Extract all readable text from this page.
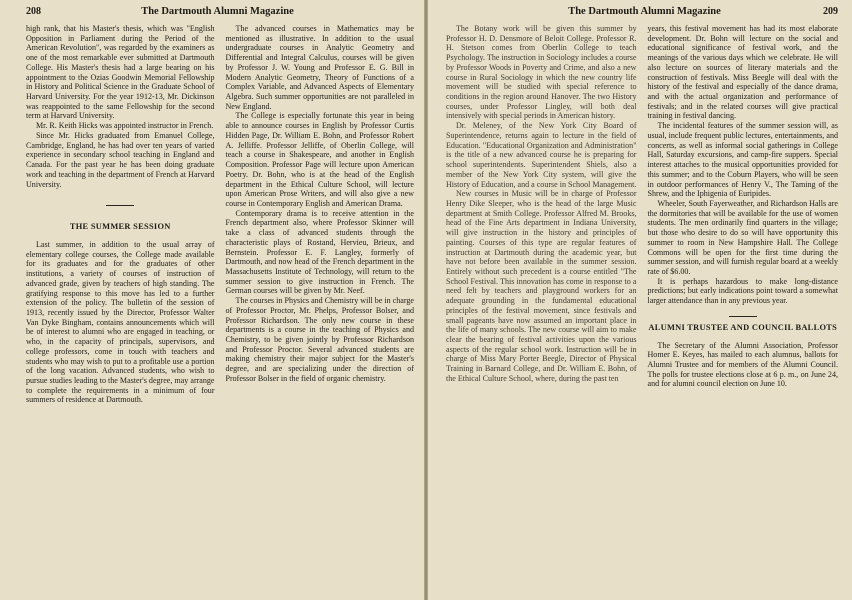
208	The Dartmouth Alumni Magazine

high rank, that his Master's thesis, which was "English Opposition in Parliament during the Period of the American Revolution", was regarded by the examiners as one of the most remarkable ever submitted at Dartmouth College. His Master's thesis had a large bearing on his appointment to the Ozias Goodwin Memorial Fellowship in History and Political Science in the Graduate School of Harvard University. For the year 1912-13, Mr. Dickinson was reappointed to the same Fellowship for the second term at Harvard University.

Mr. R. Keith Hicks was appointed instructor in French.

Since Mr. Hicks graduated from Emanuel College, Cambridge, England, he has had over ten years of varied experience in secondary school teaching in England and Canada. For the past year he has been doing graduate work and teaching in the department of French at Harvard University.

THE SUMMER SESSION

Last summer, in addition to the usual array of elementary college courses, the College made available for its graduates and for the graduates of other institutions, a variety of courses of instruction of advanced grade, given by teachers of high standing. The gratifying response to this move has led to a further extension of the policy. The bulletin of the session of 1913, recently issued by the Director, Professor Walter Van Dyke Bingham, contains announcements which will be of interest to alumni who are engaged in teaching, or who, in the capacity of principals, supervisors, and college professors, come in touch with teachers and students who may wish to put to a profitable use a portion of the long vacation. Advanced students, who wish to pursue studies leading to the Master's degree, may arrange to complete the requirements in a minimum of four summers of residence at Dartmouth.

The advanced courses in Mathematics may be mentioned as illustrative. In addition to the usual undergraduate courses in Analytic Geometry and Differential and Integral Calculus, courses will be given by Professor J. W. Young and Professor E. G. Bill in Modern Analytic Geometry, Theory of Functions of a Complex Variable, and Advanced Aspects of Elementary Algebra. Such summer opportunities are not paralleled in New England.

The College is especially fortunate this year in being able to announce courses in English by Professor Curtis Hidden Page, Dr. William E. Bohn, and Professor Robert A. Jelliffe. Professor Jelliffe, of Oberlin College, will teach a course in Shakespeare, and another in English Composition. Professor Page will lecture upon American Poetry. Dr. Bohn, who is at the head of the English department in the Ethical Culture School, will lecture upon American Prose Writers, and will also give a new course in Contemporary English and American Drama.

Contemporary drama is to receive attention in the French department also, where Professor Skinner will take a class of advanced students through the characteristic plays of Rostand, Hervieu, Brieux, and Bernstein. Professor E. F. Langley, formerly of Dartmouth, and now head of the French department in the Massachusetts Institute of Technology, will return to the summer session to give instruction in French. The German courses will be given by Mr. Neef.

The courses in Physics and Chemistry will be in charge of Professor Proctor, Mr. Phelps, Professor Bolser, and Professor Richardson. The only new course in these departments is a course in the teaching of Physics and Chemistry, to be given jointly by Professor Richardson and Professor Proctor. Several advanced students are making chemistry their major subject for the Master's degree, and are specializing under the direction of Professor Bolser in the field of organic chemistry.

The Dartmouth Alumni Magazine	209

The Botany work will be given this summer by Professor H. D. Densmore of Beloit College. Professor R. H. Stetson comes from Oberlin College to teach Psychology. The instruction in Sociology includes a course by Professor Woods in Poverty and Crime, and also a new course in Rural Sociology in which the new country life movement will be studied with special reference to conditions in the region around Hanover. The two History courses, under Professor Lingley, will both deal intensively with special periods in American history.

Dr. Meleney, of the New York City Board of Superintendence, returns again to lecture in the field of Education. "Educational Organization and Administration" is the title of a new advanced course he is preparing for school superintendents. Superintendent Shiels, also a member of the New York City system, will give the History of Education, and a course in School Management.

New courses in Music will be in charge of Professor Henry Dike Sleeper, who is the head of the large Music department at Smith College. Professor Alfred M. Brooks, head of the Fine Arts department in Indiana University, will give instruction in the history and principles of painting. Courses of this type are regular features of instruction at Dartmouth during the academic year, but have not before been available in the summer session. Entirely without such precedent is a course entitled "The School Festival. This innovation has come in response to a need felt by teachers and playground workers for an adequate grounding in the fundamental educational principles of the festival movement, since festivals and small pageants have now assumed an important place in the life of many schools. The new course will aim to make clear the bearing of festival activities upon the various aspects of the regular school work. Instruction will be in charge of Miss Mary Porter Beegle, Director of Physical Training in Barnard College, and Dr. William E. Bohn, of the Ethical Culture School, where, during the past ten

years, this festival movement has had its most elaborate development. Dr. Bohn will lecture on the social and educational significance of festival work, and the meanings of the various days which we celebrate. He will also lecture on sources of literary materials and the construction of festivals. Miss Beegle will deal with the history of the festival and especially of the dance drama, and with the actual organization and performance of festivals; and in the related courses will give practical training in festival dancing.

The incidental features of the summer session will, as usual, include frequent public lectures, entertainments, and concerts, as well as informal social gatherings in College Hall, Saturday excursions, and camp-fire suppers. Special interest attaches to the musical opportunities provided for this summer; and to the Coburn Players, who will be seen in outdoor performances of Henry V., The Taming of the Shrew, and the Iphigenia of Euripides.

Wheeler, South Fayerweather, and Richardson Halls are the dormitories that will be available for the use of women students. The men ordinarily find quarters in the village; but those who desire to do so will have opportunity this summer to room in New Hampshire Hall. The College Commons will be open for the first time during the summer session, and will furnish regular board at a weekly rate of $6.00.

It is perhaps hazardous to make long-distance predictions; but early indications point toward a somewhat larger attendance than in any previous year.

ALUMNI TRUSTEE AND COUNCIL BALLOTS

The Secretary of the Alumni Association, Professor Homer E. Keyes, has mailed to each alumnus, ballots for Alumni Trustee and for members of the Alumni Council. The polls for trustee elections close at 6 p. m., on June 24, and for alumni council election on June 10.
